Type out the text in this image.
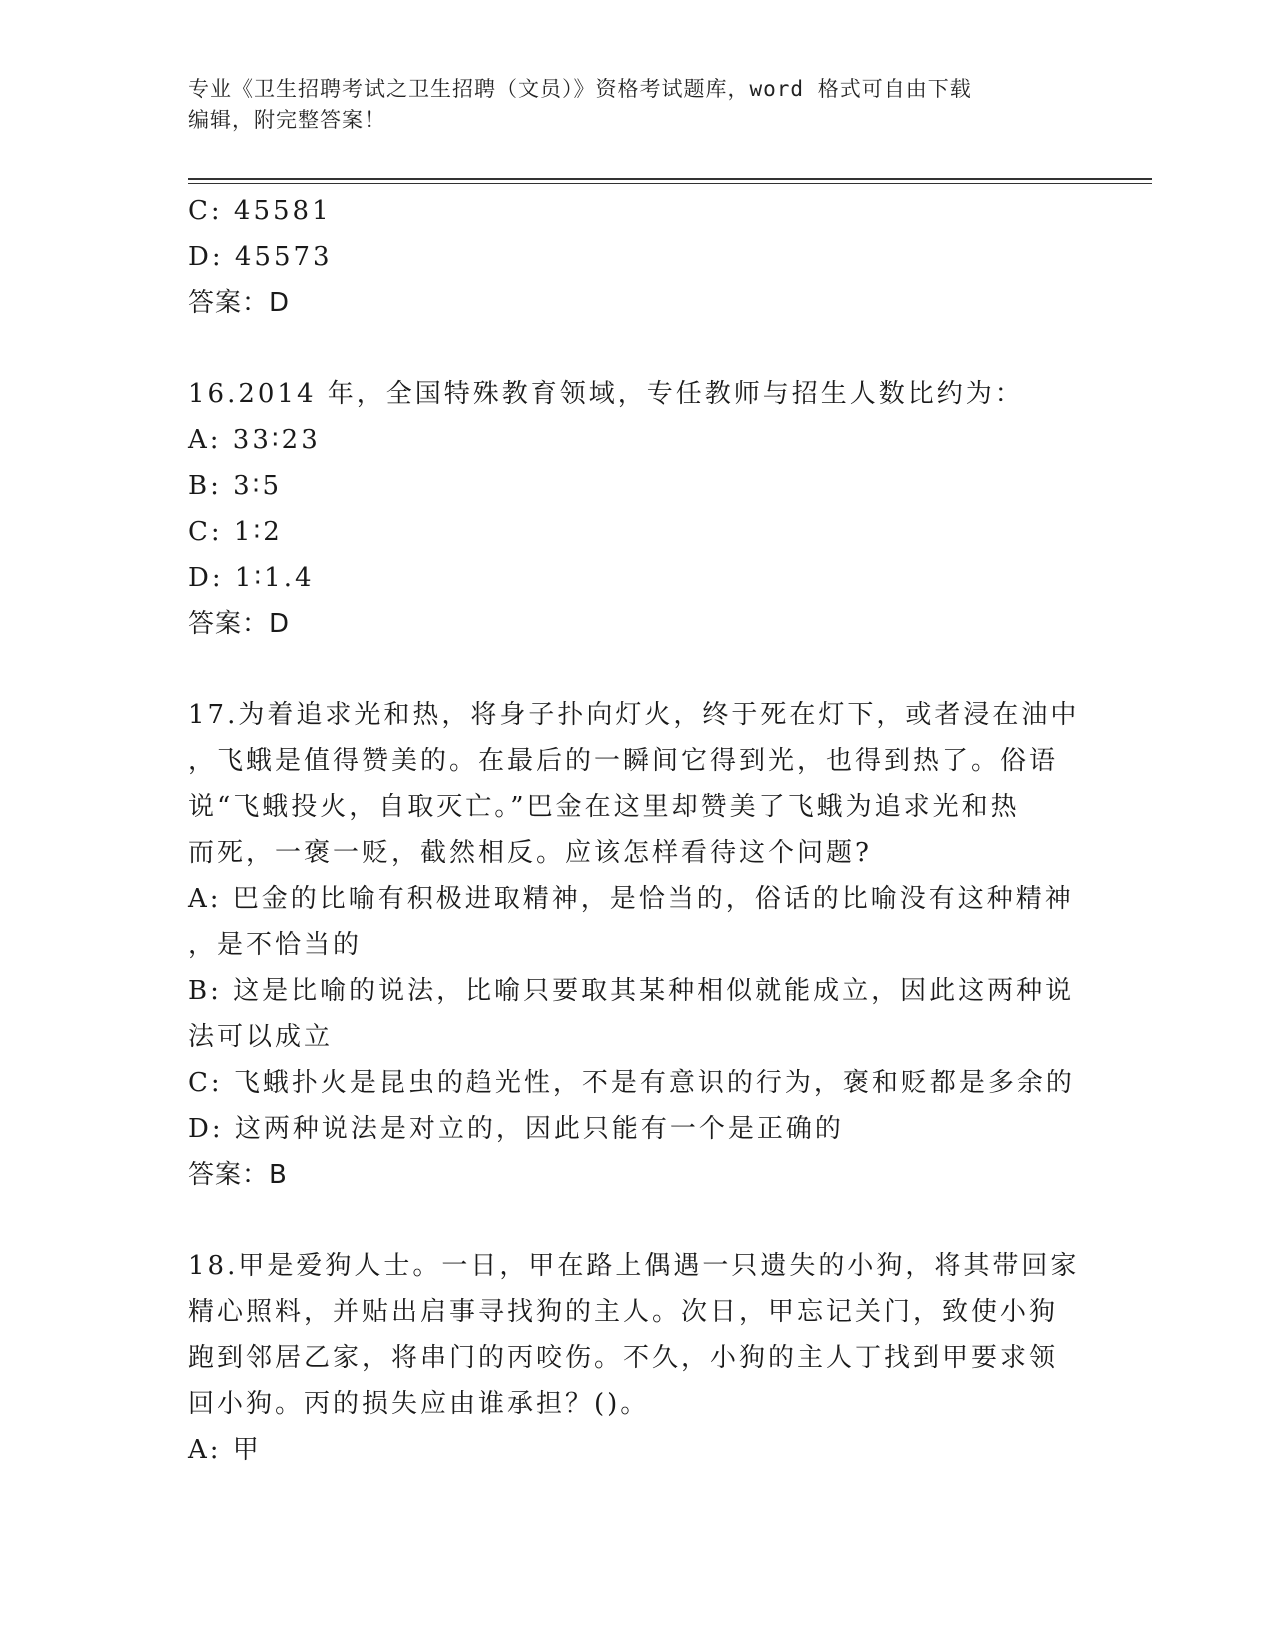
专业《卫生招聘考试之卫生招聘（文员）》资格考试题库，word 格式可自由下载
编辑，附完整答案！
C: 45581
D: 45573
答案：D
16.2014 年，全国特殊教育领域，专任教师与招生人数比约为：
A: 33∶23
B: 3∶5
C: 1∶2
D: 1∶1.4
答案：D
17.为着追求光和热，将身子扑向灯火，终于死在灯下，或者浸在油中
，飞蛾是值得赞美的。在最后的一瞬间它得到光，也得到热了。俗语
说“飞蛾投火，自取灭亡。”巴金在这里却赞美了飞蛾为追求光和热
而死，一褒一贬，截然相反。应该怎样看待这个问题?
A: 巴金的比喻有积极进取精神，是恰当的，俗话的比喻没有这种精神
，是不恰当的
B: 这是比喻的说法，比喻只要取其某种相似就能成立，因此这两种说
法可以成立
C: 飞蛾扑火是昆虫的趋光性，不是有意识的行为，褒和贬都是多余的
D: 这两种说法是对立的，因此只能有一个是正确的
答案：B
18.甲是爱狗人士。一日，甲在路上偶遇一只遗失的小狗，将其带回家
精心照料，并贴出启事寻找狗的主人。次日，甲忘记关门，致使小狗
跑到邻居乙家，将串门的丙咬伤。不久，小狗的主人丁找到甲要求领
回小狗。丙的损失应由谁承担？()。
A: 甲
